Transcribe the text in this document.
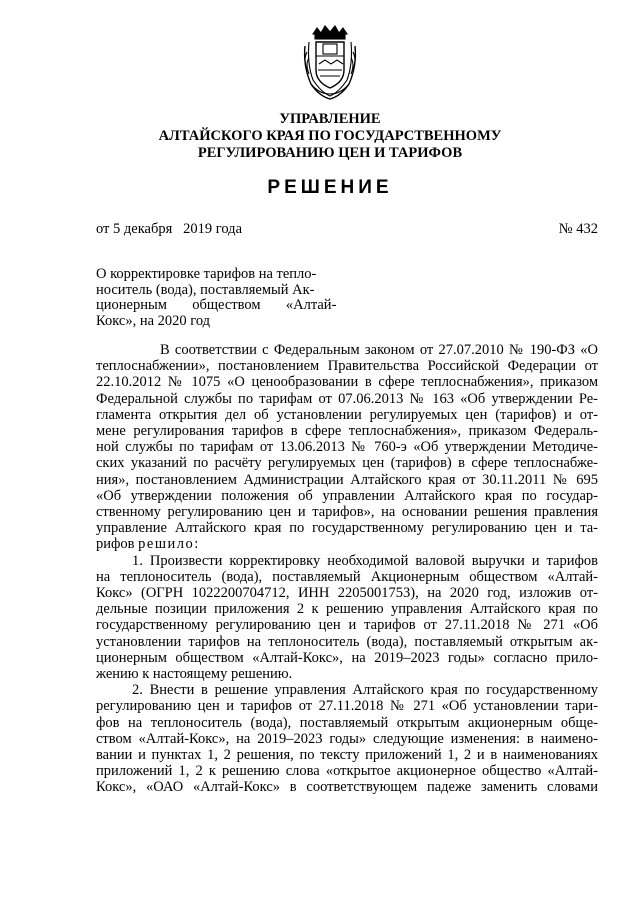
УПРАВЛЕНИЕ
АЛТАЙСКОГО КРАЯ ПО ГОСУДАРСТВЕННОМУ
РЕГУЛИРОВАНИЮ ЦЕН И ТАРИФОВ
РЕШЕНИЕ
от 5 декабря   2019 года	№ 432
О корректировке тарифов на тепло-
носитель (вода), поставляемый Ак-
ционерным       обществом       «Алтай-
Кокс», на 2020 год
В соответствии с Федеральным законом от 27.07.2010 № 190-ФЗ «О
теплоснабжении», постановлением Правительства Российской Федерации от
22.10.2012 № 1075 «О ценообразовании в сфере теплоснабжения», приказом
Федеральной службы по тарифам от 07.06.2013 № 163 «Об утверждении Ре-
гламента открытия дел об установлении регулируемых цен (тарифов) и от-
мене регулирования тарифов в сфере теплоснабжения», приказом Федераль-
ной службы по тарифам от 13.06.2013 № 760-э «Об утверждении Методиче-
ских указаний по расчёту регулируемых цен (тарифов) в сфере теплоснабже-
ния», постановлением Администрации Алтайского края от 30.11.2011 № 695
«Об утверждении положения об управлении Алтайского края по государ-
ственному регулированию цен и тарифов», на основании решения правления
управление Алтайского края по государственному регулированию цен и та-
рифов решило:
1. Произвести корректировку необходимой валовой выручки и тарифов
на теплоноситель (вода), поставляемый Акционерным обществом «Алтай-
Кокс» (ОГРН 1022200704712, ИНН 2205001753), на 2020 год, изложив от-
дельные позиции приложения 2 к решению управления Алтайского края по
государственному регулированию цен и тарифов от 27.11.2018 № 271 «Об
установлении тарифов на теплоноситель (вода), поставляемый открытым ак-
ционерным обществом «Алтай-Кокс», на 2019–2023 годы» согласно прило-
жению к настоящему решению.
2. Внести в решение управления Алтайского края по государственному
регулированию цен и тарифов от 27.11.2018 № 271 «Об установлении тари-
фов на теплоноситель (вода), поставляемый открытым акционерным обще-
ством «Алтай-Кокс», на 2019–2023 годы» следующие изменения: в наимено-
вании и пунктах 1, 2 решения, по тексту приложений 1, 2 и в наименованиях
приложений 1, 2 к решению слова «открытое акционерное общество «Алтай-
Кокс», «ОАО «Алтай-Кокс» в соответствующем падеже заменить словами
